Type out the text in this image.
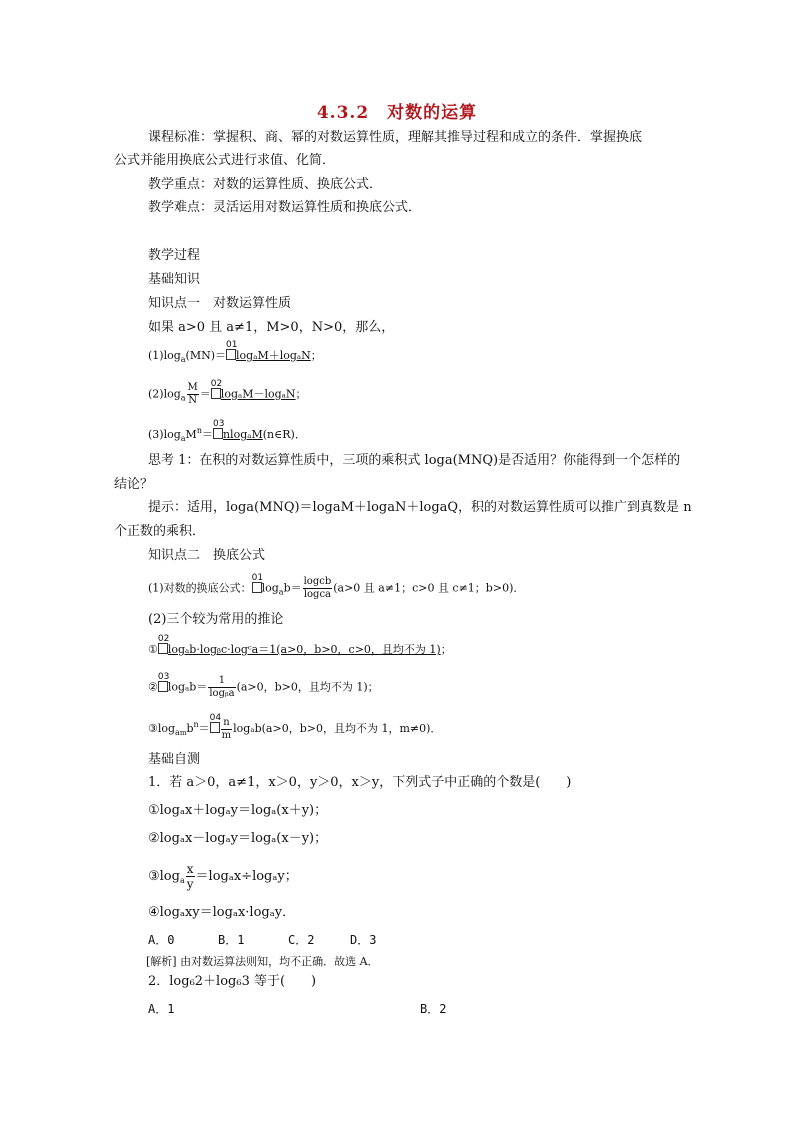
4.3.2　对数的运算
课程标准：掌握积、商、幂的对数运算性质，理解其推导过程和成立的条件．掌握换底
公式并能用换底公式进行求值、化简．
教学重点：对数的运算性质、换底公式．
教学难点：灵活运用对数运算性质和换底公式．
教学过程
基础知识
知识点一　对数运算性质
如果 a>0 且 a≠1，M>0，N>0，那么，
$(1)\log_a(MN)=$
01
logₐM＋logₐN；
$(2)\log_a \frac{M}{N}$ ＝
02
logₐM－logₐN；
$(3)\log_aM^n=$
03
nlogₐM(n∈R)．
思考 1：在积的对数运算性质中，三项的乘积式 loga(MNQ)是否适用？你能得到一个怎样的
结论？
提示：适用，loga(MNQ)＝logaM＋logaN＋logaQ，积的对数运算性质可以推广到真数是 n
个正数的乘积．
知识点二　换底公式
(1)对数的换底公式：
01
$\log_ab= \frac{\text{logcb}}{\text{logca}} (a>0$ 且 a≠1；c>0 且 c≠1；b>0)．
(2)三个较为常用的推论
①
02
logₐb·logᵦc·logᶜa＝1(a>0，b>0，c>0，且均不为 1)；
②
03
$\log_ab= \frac{1}{\text{logᵦa}} (a>0$，b>0，且均不为 1)；
$③\log_{am}b^n=$
$04 \frac{n}{m} \log_ab(a>0$，b>0，且均不为 1，m≠0)．
基础自测
1．若 a＞0，a≠1，x＞0，y＞0，x＞y，下列式子中正确的个数是(　　)
①logₐx＋logₐy＝logₐ(x＋y)；
②logₐx－logₐy＝logₐ(x－y)；
$③\log_a \frac{x}{y} =\log_ax\div\log_ay$；
④logₐxy＝logₐx·logₐy．
A．0	B．1	C．2	D．3
[解析] 由对数运算法则知，均不正确．故选 A．
2．log₆2＋log₆3 等于(　　)
A．1	B．2
